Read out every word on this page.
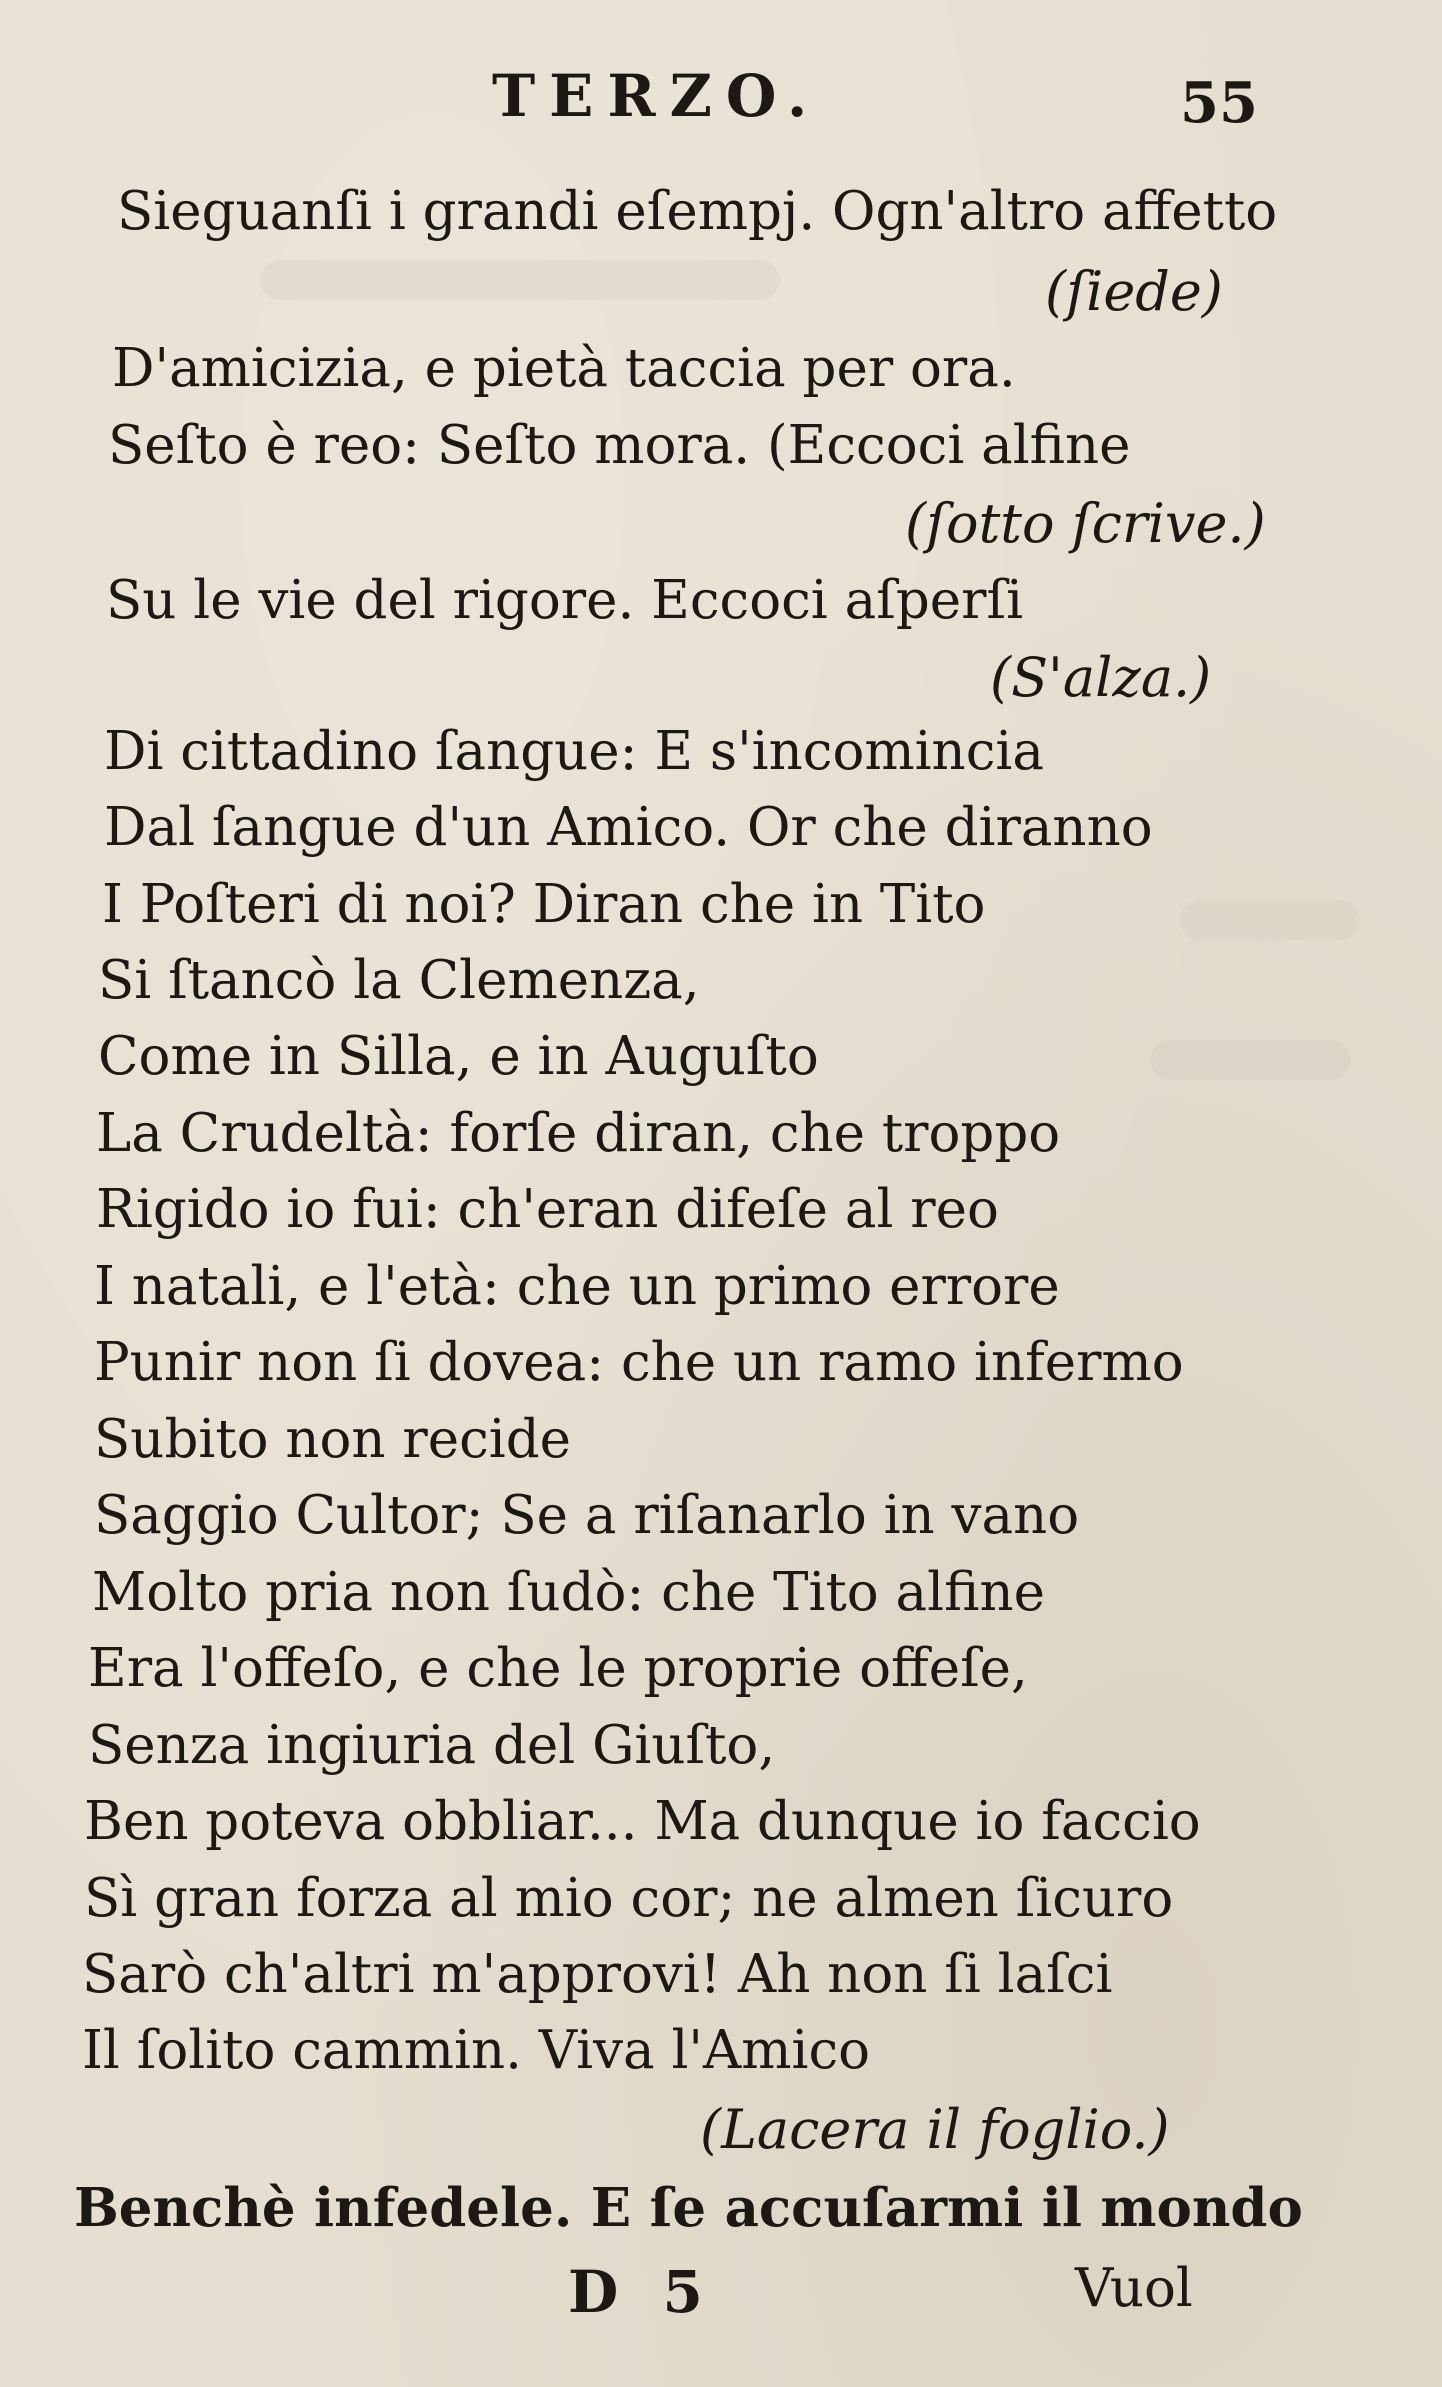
TERZO.	55
Sieguanſi i grandi eſempj. Ogn'altro affetto
(ſiede)
D'amicizia, e pietà taccia per ora.
Seſto è reo: Seſto mora. (Eccoci alfine
(ſotto ſcrive.)
Su le vie del rigore. Eccoci aſperſi
(S'alza.)
Di cittadino ſangue: E s'incomincia
Dal ſangue d'un Amico. Or che diranno
I Poſteri di noi? Diran che in Tito
Si ſtancò la Clemenza,
Come in Silla, e in Auguſto
La Crudeltà: forſe diran, che troppo
Rigido io fui: ch'eran difeſe al reo
I natali, e l'età: che un primo errore
Punir non ſi dovea: che un ramo infermo
Subito non recide
Saggio Cultor; Se a riſanarlo in vano
Molto pria non ſudò: che Tito alfine
Era l'offeſo, e che le proprie offeſe,
Senza ingiuria del Giuſto,
Ben poteva obbliar... Ma dunque io faccio
Sì gran forza al mio cor; ne almen ſicuro
Sarò ch'altri m'approvi! Ah non ſi laſci
Il ſolito cammin. Viva l'Amico
(Lacera il foglio.)
Benchè infedele. E ſe accuſarmi il mondo
D 5	Vuol
